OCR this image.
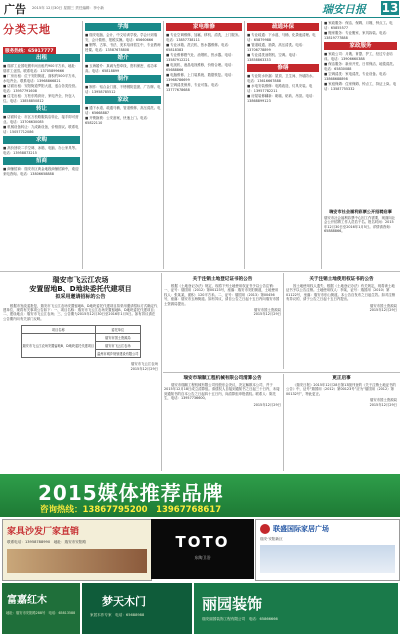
广告 2015年 12月30日 星期三 责任编辑：李小新	瑞安日报 13
分类天地
服务热线：65917777
出租
■ 瑞祥工业园电镀车间出租约900平方米，地址：瑞祥工业园。联系电话：13705899666
■ 厂房出租：位于安阳街道，面积约500平方米，水电齐全。联系电话：13968866821
■ 店面出租：安阳街道罗阳大道，适合各类经营。电话：13957791608
■ 住宅出租：万松东路套房，家电齐全，拎包入住。电话：13858850812
转让
■ 店面转让：市区万松路服装店转让，接手即可营业。电话：13706630085
■ 机械设备转让：九成新设备，价格面议。联系电话：15057712086
求购
■ 高价回收二手空调、冰箱、电脑、办公家具等。电话：13958873215
招商
■ 商铺招商：瑞安市区黄金地段商铺招商中，欢迎来电咨询。电话：13806658888
学海
■ 瑞安电脑、会计、中文培训学校。学会计到瑞安，会计做账、报税实操。电话：65660666
■ 钢琴、古筝、书法、美术培训招生中，专业教师授课。电话：13587678808
婚介
■ 玉海婚介：真诚为您牵线，资料保密，成功率高。电话：65818899
制作
■ 制作：铝合金门窗、不锈钢防盗窗、广告牌。电话：13958785512
家政
■ 通下水道、疏通马桶、管道维修、高压清洗。电话：65668887
■ 开锁换锁：公安备案，快速上门。电话：65822110
家电维修
■ 专业空调维修、加氟、移机、清洗，上门服务。电话：13857738111
■ 专业冰箱、洗衣机、热水器维修。电话：65818383
■ 专业维修燃气灶、油烟机、热水器。电话：13587912221
■ 电视机、液晶电视维修，价格合理。电话：65688866
■ 电脑维修、上门装系统、数据恢复。电话：13968786699
■ 空调清洗保养，专业可靠。电话：13777678688
疏通环保
■ 专业疏通：下水道、马桶、化粪池清理。电话：65879988
■ 管道疏通、抽粪、高压清洗。电话：13706778899
■ 专业清洗油烟机、空调。电话：13858863333
修缮
■ 专业防水补漏：屋顶、卫生间、外墙防水。电话：13616667888
■ 水电安装维修：电路改造、灯具安装。电话：13957782211
■ 房屋装修翻新：刷墙、贴砖、吊顶。电话：13868899123
■ 家政服务：保洁、保姆、月嫂、钟点工。电话：65855577
■ 搬家服务：专业搬家、家具拆装。电话：13819777888
家政服务
■ 家政公司：月嫂、育婴、护工，经过专业培训。电话：13906660388
■ 保洁服务：新房开荒、日常保洁、地毯清洗。电话：65830088
■ 空调清洗：家电清洗，专业设备。电话：13868688898
■ 家庭保姆：住家保姆、钟点工，持证上岗。电话：13587755332
瑞安市社会福利彩票公开招聘启事
瑞安市社会福利彩票中心因工作需要，现面向社会公开招聘工作人员若干名。报名时间：2015年12月30日至2016年1月5日。详情请咨询：65888866。
瑞安市飞云江农场
安置留地B、D地块委托代建项目
拟采用邀请招标的公告
根据市发改委批复，瑞安市飞云江农场安置留地B、D地块委托代建项目拟采用邀请招标方式确定代建单位，现将有关事项公告如下：一、项目名称：瑞安市飞云江农场安置留地B、D地块委托代建项目；二、建设地点：瑞安市飞云江农场；三、公告期为2015年12月30日至2016年1月5日。如有异议请在公告期内向有关部门反映。
项目名称	委托单位
瑞安市飞云江农场安置留地B、D地块委托代建项目	瑞安市国土资源局
	瑞安市飞云江农场
	温州市城乡规划建设有限公司
瑞安市飞云江农场
2015年12月29日
关于注销土地登记证书的公告
根据《土地登记办法》规定，现将下列土地使用权证书予以公告注销：一、证号：瑞国用（2012）第00123号，座落：瑞安市安阳街道，土地使用权人：张某某，面积：120平方米。二、证号：瑞国用（2013）第00456号，座落：瑞安市玉海街道。如有异议，请自公告之日起十五日内向瑞安市国土资源局提出。
瑞安市国土资源局
2015年12月29日
关于注销土地使用权证书的公告
因土地使用权人遗失，根据《土地登记办法》有关规定，现将该土地证书予以公告注销。土地使用权人：李某，证号：瑞国用（2010）第01122号，坐落：瑞安市东山街道。本公告自发布之日起生效。如对注销有异议的，请于公告之日起十五日内提出。
瑞安市国土资源局
2015年12月29日
瑞安市瑞顺工程机械有限公司清算公告
瑞安市瑞顺工程机械有限公司经股东会决议，决定解散本公司，并于2015年12月18日成立清算组。请债权人自接到通知书之日起三十日内，未接到通知书的自本公告之日起四十五日内，向清算组申报债权。联系人：陈先生，电话：13957736600。
2015年12月29日
更正启事
《瑞安日报》2015年12月28日第13版刊登的《关于注销土地证书的公告》中，证号“瑞国用（2012）第00123号”应为“瑞国用（2012）第00132号”，特此更正。
瑞安市国土资源局
2015年12月29日
2015媒体推荐品牌
咨询热线：13867795200　13967768617
家具沙发厂家直销
联系电话：13958788990　地址：瑞安市安阳路	TOTO
东陶卫浴
联盛国际家居广场
瑞安·安阳新区
富嘉红木
地址：瑞安市安阳路288号　电话：65813588
梦天木门
家居木作专家　电话：65688988
丽园装饰
瑞安丽园装饰工程有限公司　电话：65866666
